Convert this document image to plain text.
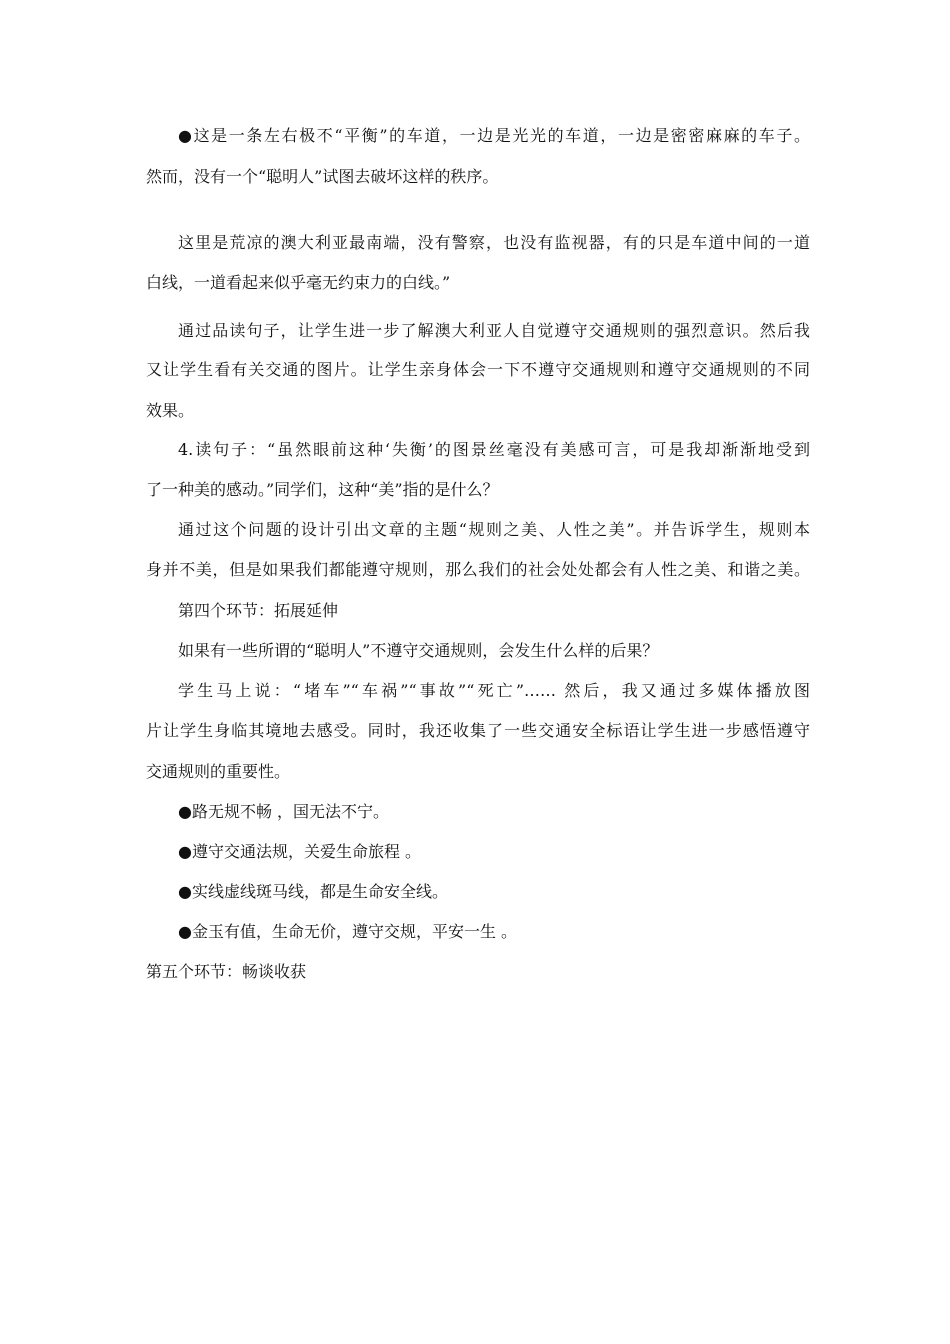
●这是一条左右极不“平衡”的车道，一边是光光的车道，一边是密密麻麻的车子。
然而，没有一个“聪明人”试图去破坏这样的秩序。
这里是荒凉的澳大利亚最南端，没有警察，也没有监视器，有的只是车道中间的一道
白线，一道看起来似乎毫无约束力的白线。”
通过品读句子，让学生进一步了解澳大利亚人自觉遵守交通规则的强烈意识。然后我
又让学生看有关交通的图片。让学生亲身体会一下不遵守交通规则和遵守交通规则的不同
效果。
4.读句子：“虽然眼前这种‘失衡’的图景丝毫没有美感可言，可是我却渐渐地受到
了一种美的感动。”同学们，这种“美”指的是什么？
通过这个问题的设计引出文章的主题“规则之美、人性之美”。并告诉学生，规则本
身并不美，但是如果我们都能遵守规则，那么我们的社会处处都会有人性之美、和谐之美。
第四个环节：拓展延伸
如果有一些所谓的“聪明人”不遵守交通规则，会发生什么样的后果？
学生马上说：“堵车”“车祸”“事故”“死亡”…… 然后，我又通过多媒体播放图
片让学生身临其境地去感受。同时，我还收集了一些交通安全标语让学生进一步感悟遵守
交通规则的重要性。
●路无规不畅 ，国无法不宁。
●遵守交通法规，关爱生命旅程 。
●实线虚线斑马线，都是生命安全线。
●金玉有值，生命无价，遵守交规，平安一生 。
第五个环节：畅谈收获
